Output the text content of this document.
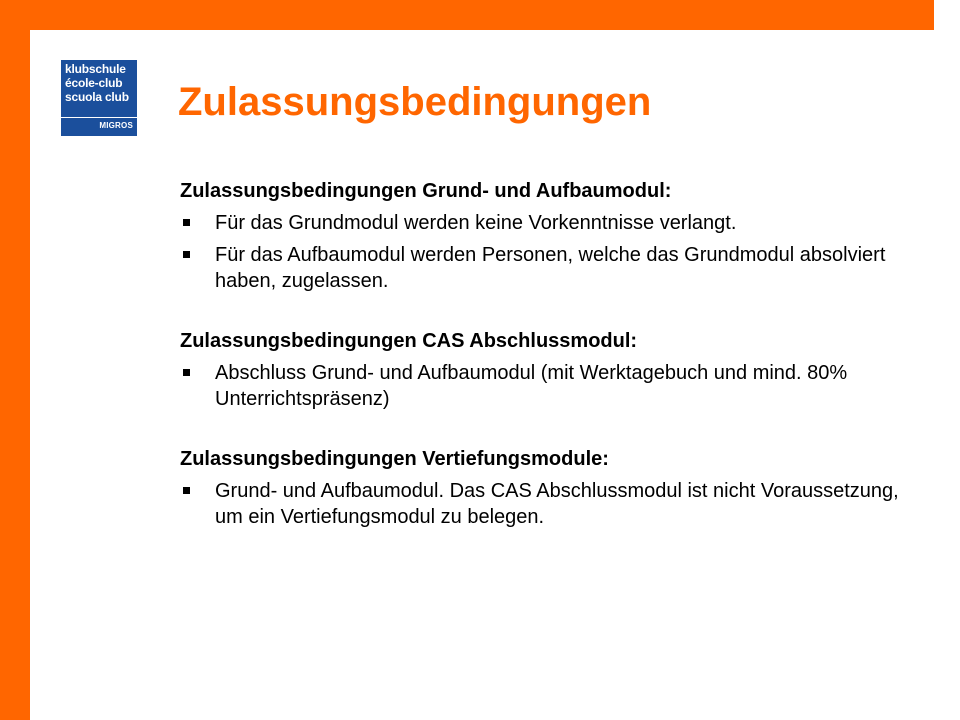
klubschule
école-club
scuola club
MIGROS
Zulassungsbedingungen

Zulassungsbedingungen Grund- und Aufbaumodul:

Für das Grundmodul werden keine Vorkenntnisse verlangt.
Für das Aufbaumodul werden Personen, welche das Grundmodul absolviert haben, zugelassen.

Zulassungsbedingungen CAS Abschlussmodul:

Abschluss Grund- und Aufbaumodul (mit Werktagebuch und mind. 80% Unterrichtspräsenz)

Zulassungsbedingungen Vertiefungsmodule:

Grund- und Aufbaumodul. Das CAS Abschlussmodul ist nicht Voraussetzung, um ein Vertiefungsmodul zu belegen.
